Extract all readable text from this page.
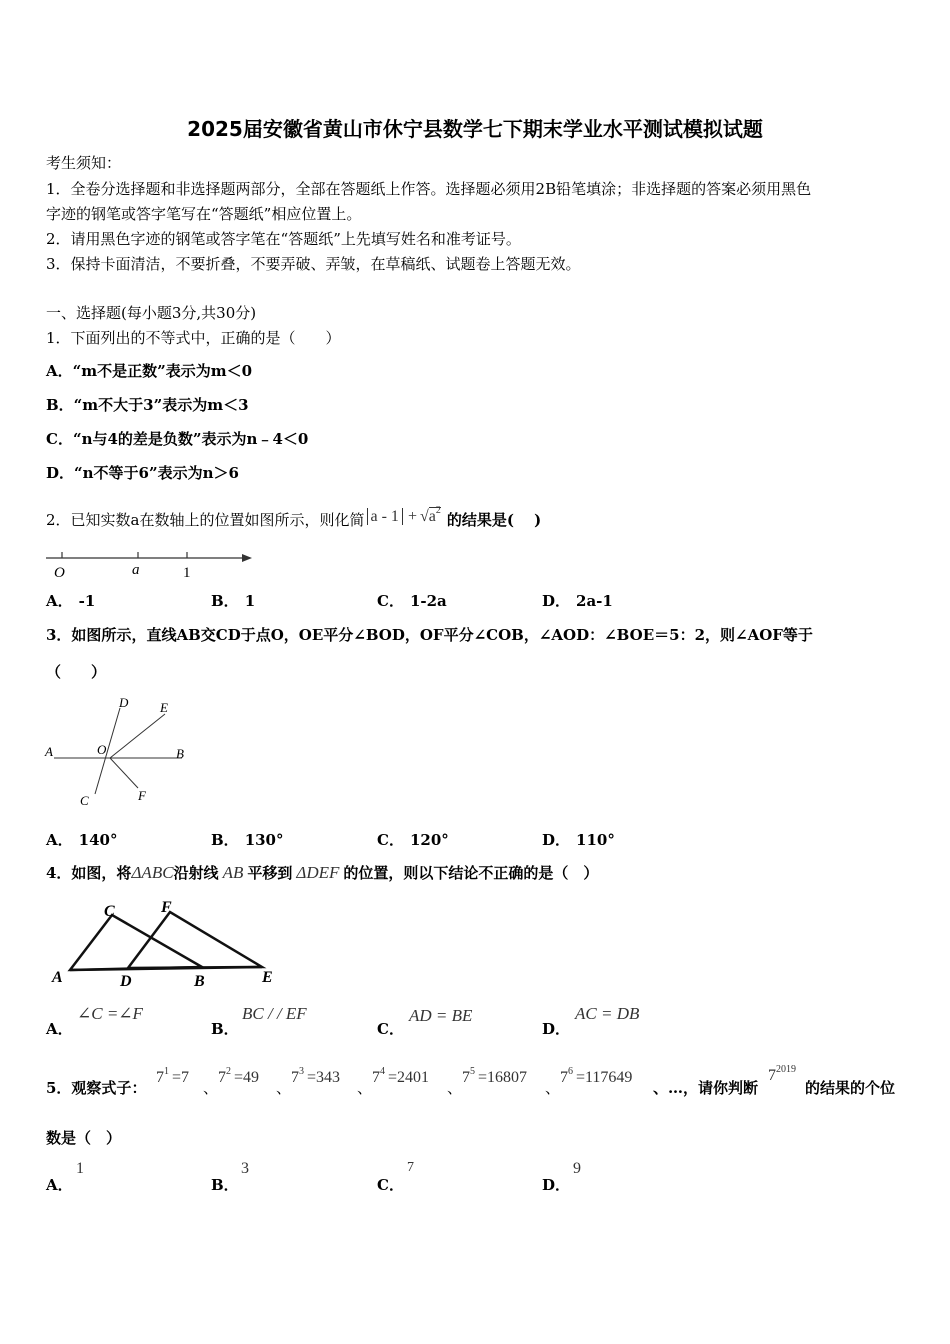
2025届安徽省黄山市休宁县数学七下期末学业水平测试模拟试题
考生须知：
1．全卷分选择题和非选择题两部分，全部在答题纸上作答。选择题必须用2B铅笔填涂；非选择题的答案必须用黑色
字迹的钢笔或答字笔写在“答题纸”相应位置上。
2．请用黑色字迹的钢笔或答字笔在“答题纸”上先填写姓名和准考证号。
3．保持卡面清洁，不要折叠，不要弄破、弄皱，在草稿纸、试题卷上答题无效。
一、选择题(每小题3分,共30分)
1．下面列出的不等式中，正确的是（　　）
A．“m不是正数”表示为m＜0
B．“m不大于3”表示为m＜3
C．“n与4的差是负数”表示为n﹣4＜0
D．“n不等于6”表示为n＞6
2．已知实数a在数轴上的位置如图所示，则化简 $a - 1 + √a^2$的结果是(　 )
O	a	1
A． -1	B． 1	C． 1-2a	D． 2a-1
3．如图所示，直线AB交CD于点O，OE平分∠BOD，OF平分∠COB，∠AOD：∠BOE＝5：2，则∠AOF等于
（　　）
A	B
C
D E
F
O
A． 140°	B． 130°	C． 120°	D． 110°
4．如图，将ΔABC沿射线 AB 平移到 ΔDEF 的位置，则以下结论不正确的是（　）
A	B
C
D	E
F
A．
∠C =∠F
B．
BC / / EF
C．
AD = BE
D．
AC = DB
5．观察式子：
$7^1 =7$
、
$7^2 =49$
、
$7^3 =343$
、
$7^4 =2401$
、
$7^5 =16807$
、
$7^6 =117649$
、…，请你判断
$7^{2019}$
的结果的个位
数是（　）
A．
1
B．
3
C．
7
D．
9
